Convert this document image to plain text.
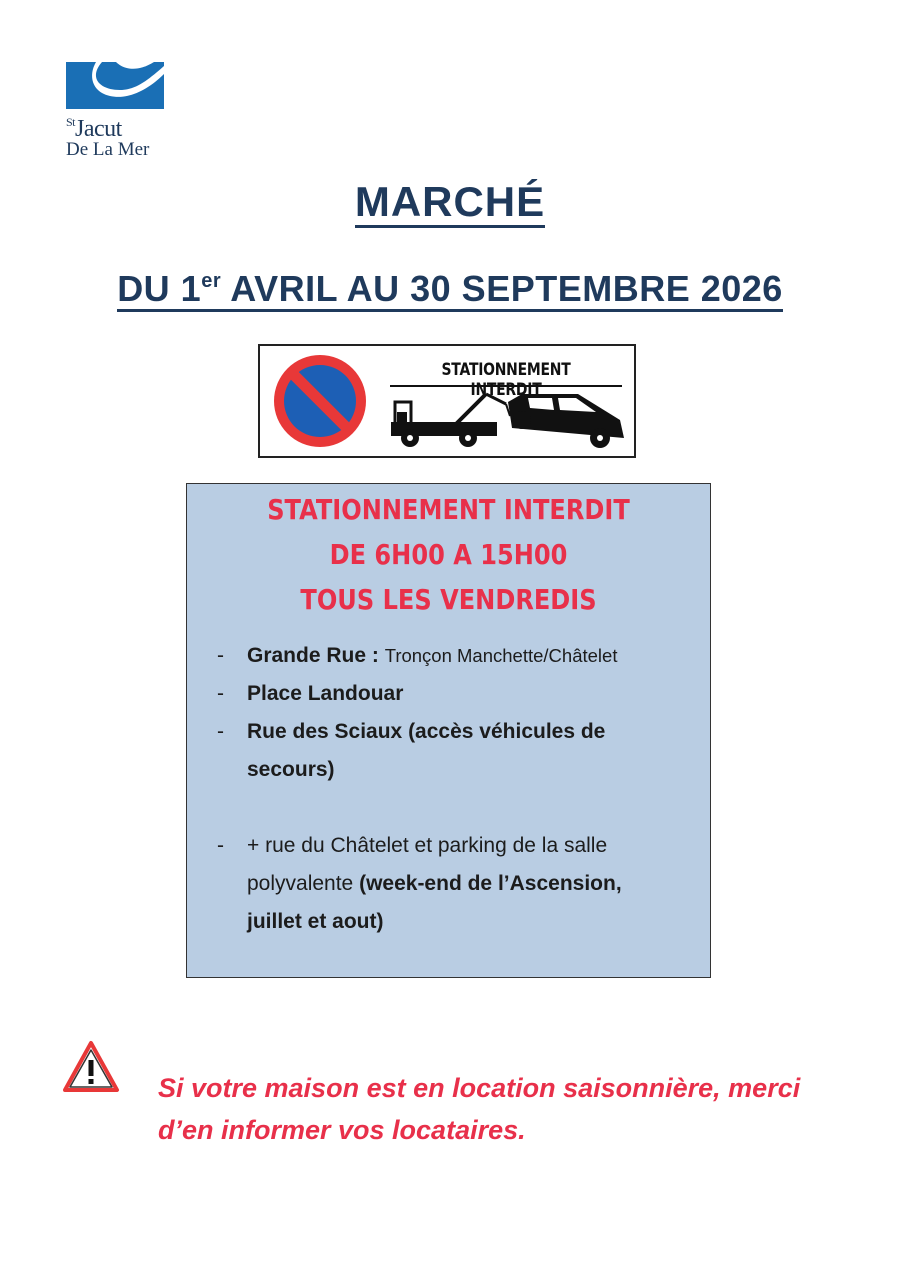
$^{St}$Jacut
De La Mer
MARCHÉ
DU 1er AVRIL AU 30 SEPTEMBRE 2026
STATIONNEMENT INTERDIT
STATIONNEMENT INTERDIT
DE 6H00 A 15H00
TOUS LES VENDREDIS
- Grande Rue : Tronçon Manchette/Châtelet
- Place Landouar
- Rue des Sciaux (accès véhicules de
secours)
- + rue du Châtelet et parking de la salle
polyvalente (week-end de l’Ascension,
juillet et aout)
Si votre maison est en location saisonnière, merci
d’en informer vos locataires.
